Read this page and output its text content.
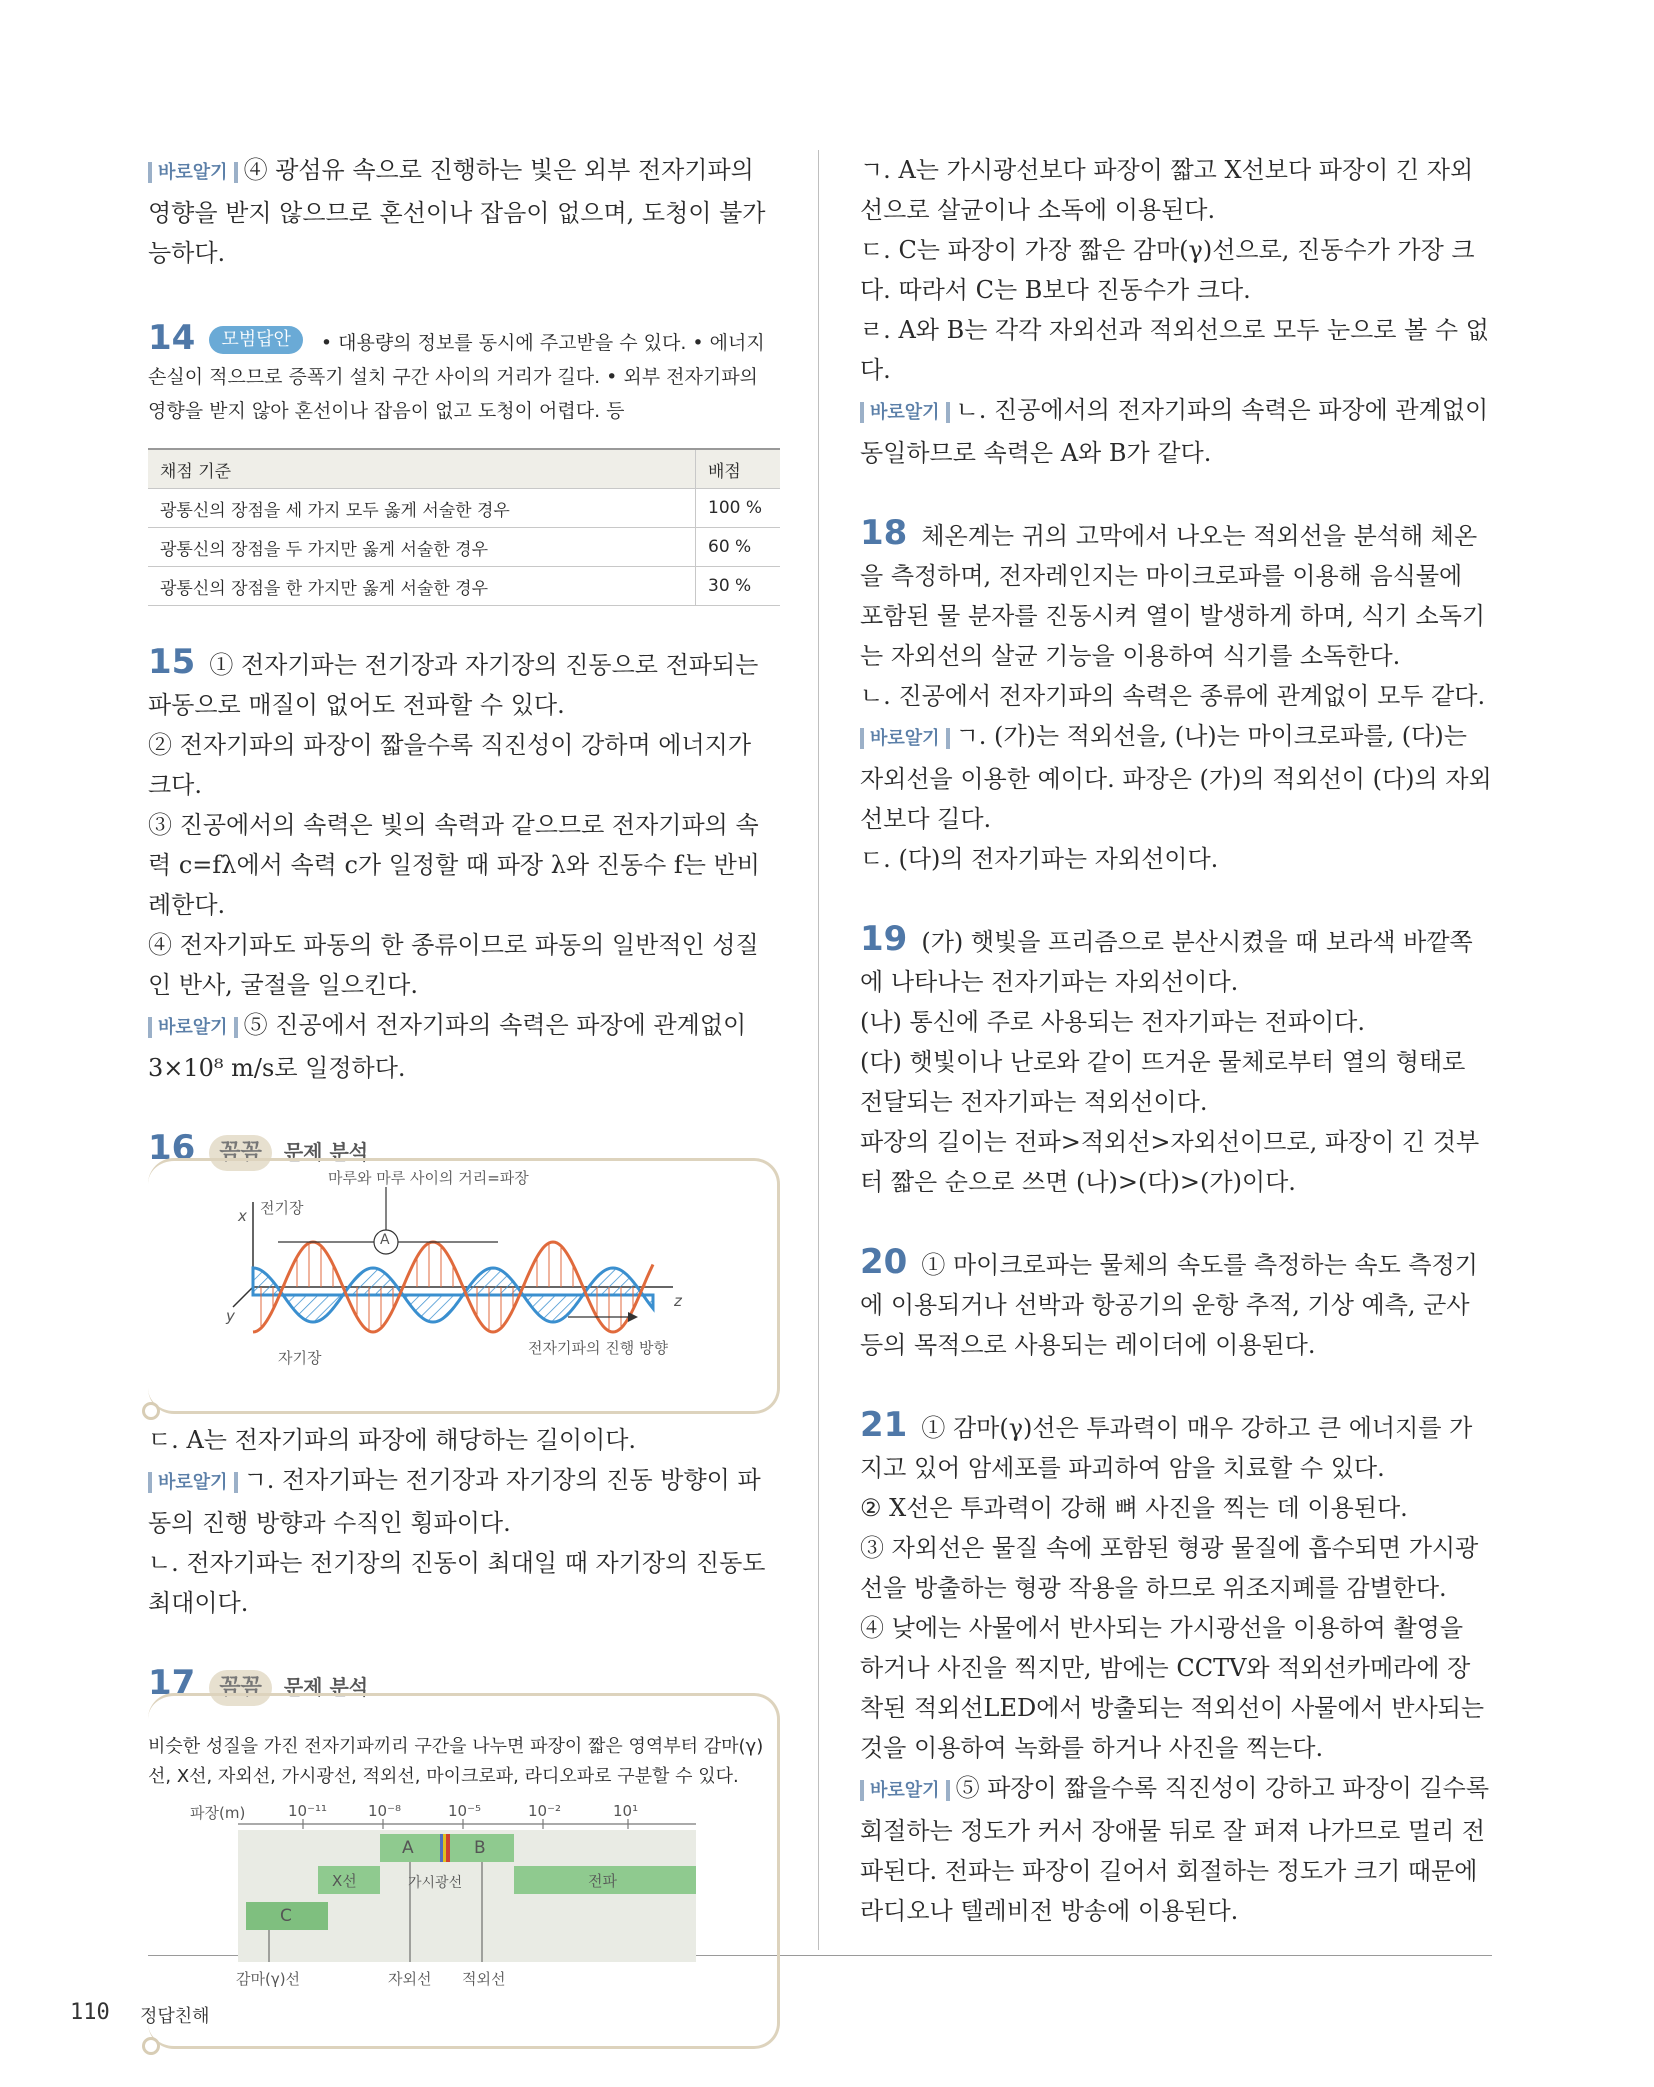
바로알기 ④ 광섬유 속으로 진행하는 빛은 외부 전자기파의 영향을 받지 않으므로 혼선이나 잡음이 없으며, 도청이 불가능하다.

14 모범답안 • 대용량의 정보를 동시에 주고받을 수 있다. • 에너지 손실이 적으므로 증폭기 설치 구간 사이의 거리가 길다. • 외부 전자기파의 영향을 받지 않아 혼선이나 잡음이 없고 도청이 어렵다. 등
채점 기준	배점
광통신의 장점을 세 가지 모두 옳게 서술한 경우	100 %
광통신의 장점을 두 가지만 옳게 서술한 경우	60 %
광통신의 장점을 한 가지만 옳게 서술한 경우	30 %

15 ① 전자기파는 전기장과 자기장의 진동으로 전파되는 파동으로 매질이 없어도 전파할 수 있다.

② 전자기파의 파장이 짧을수록 직진성이 강하며 에너지가 크다.

③ 진공에서의 속력은 빛의 속력과 같으므로 전자기파의 속력 c=fλ에서 속력 c가 일정할 때 파장 λ와 진동수 f는 반비례한다.

④ 전자기파도 파동의 한 종류이므로 파동의 일반적인 성질인 반사, 굴절을 일으킨다.

바로알기 ⑤ 진공에서 전자기파의 속력은 파장에 관계없이 3×10⁸ m/s로 일정하다.

16 꼼꼼 문제 분석
마루와 마루 사이의 거리=파장
A
전기장
자기장
전자기파의 진행 방향
x
y
z

ㄷ. A는 전자기파의 파장에 해당하는 길이이다.

바로알기 ㄱ. 전자기파는 전기장과 자기장의 진동 방향이 파동의 진행 방향과 수직인 횡파이다.

ㄴ. 전자기파는 전기장의 진동이 최대일 때 자기장의 진동도 최대이다.

17 꼼꼼 문제 분석
비슷한 성질을 가진 전자기파끼리 구간을 나누면 파장이 짧은 영역부터 감마(γ)선, X선, 자외선, 가시광선, 적외선, 마이크로파, 라디오파로 구분할 수 있다.
파장(m)	10⁻¹¹	10⁻⁸	10⁻⁵	10⁻²	10¹
C
X선
A	B
가시광선	전파
감마(γ)선	자외선 적외선

ㄱ. A는 가시광선보다 파장이 짧고 X선보다 파장이 긴 자외선으로 살균이나 소독에 이용된다.

ㄷ. C는 파장이 가장 짧은 감마(γ)선으로, 진동수가 가장 크다. 따라서 C는 B보다 진동수가 크다.

ㄹ. A와 B는 각각 자외선과 적외선으로 모두 눈으로 볼 수 없다.

바로알기 ㄴ. 진공에서의 전자기파의 속력은 파장에 관계없이 동일하므로 속력은 A와 B가 같다.

18 체온계는 귀의 고막에서 나오는 적외선을 분석해 체온을 측정하며, 전자레인지는 마이크로파를 이용해 음식물에 포함된 물 분자를 진동시켜 열이 발생하게 하며, 식기 소독기는 자외선의 살균 기능을 이용하여 식기를 소독한다.

ㄴ. 진공에서 전자기파의 속력은 종류에 관계없이 모두 같다.

바로알기 ㄱ. (가)는 적외선을, (나)는 마이크로파를, (다)는 자외선을 이용한 예이다. 파장은 (가)의 적외선이 (다)의 자외선보다 길다.

ㄷ. (다)의 전자기파는 자외선이다.

19 (가) 햇빛을 프리즘으로 분산시켰을 때 보라색 바깥쪽에 나타나는 전자기파는 자외선이다.

(나) 통신에 주로 사용되는 전자기파는 전파이다.

(다) 햇빛이나 난로와 같이 뜨거운 물체로부터 열의 형태로 전달되는 전자기파는 적외선이다.

파장의 길이는 전파>적외선>자외선이므로, 파장이 긴 것부터 짧은 순으로 쓰면 (나)>(다)>(가)이다.

20 ① 마이크로파는 물체의 속도를 측정하는 속도 측정기에 이용되거나 선박과 항공기의 운항 추적, 기상 예측, 군사 등의 목적으로 사용되는 레이더에 이용된다.

21 ① 감마(γ)선은 투과력이 매우 강하고 큰 에너지를 가지고 있어 암세포를 파괴하여 암을 치료할 수 있다.

② X선은 투과력이 강해 뼈 사진을 찍는 데 이용된다.

③ 자외선은 물질 속에 포함된 형광 물질에 흡수되면 가시광선을 방출하는 형광 작용을 하므로 위조지폐를 감별한다.

④ 낮에는 사물에서 반사되는 가시광선을 이용하여 촬영을 하거나 사진을 찍지만, 밤에는 CCTV와 적외선카메라에 장착된 적외선LED에서 방출되는 적외선이 사물에서 반사되는 것을 이용하여 녹화를 하거나 사진을 찍는다.

바로알기 ⑤ 파장이 짧을수록 직진성이 강하고 파장이 길수록 회절하는 정도가 커서 장애물 뒤로 잘 퍼져 나가므로 멀리 전파된다. 전파는 파장이 길어서 회절하는 정도가 크기 때문에 라디오나 텔레비전 방송에 이용된다.

110 정답친해
